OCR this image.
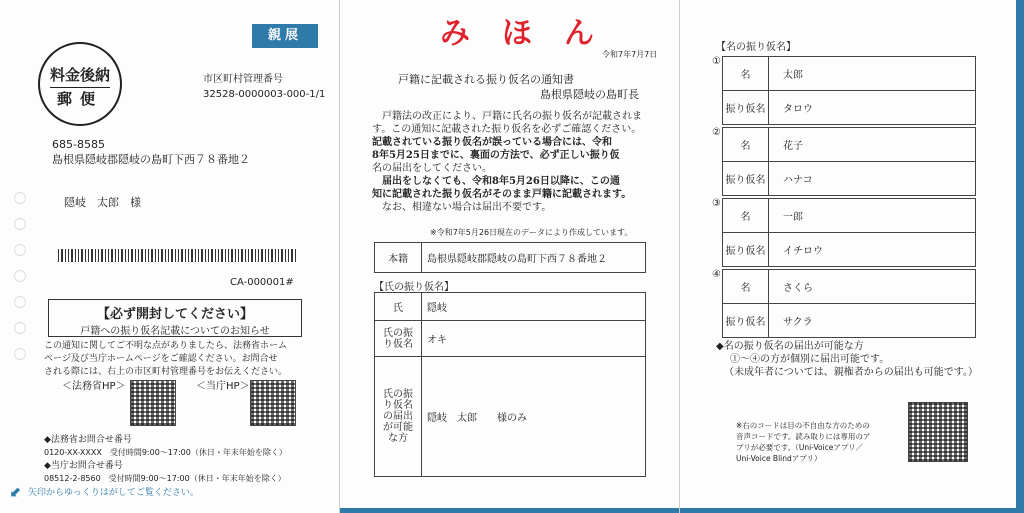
親展
料金後納
郵便
市区町村管理番号
32528-0000003-000-1/1
685-8585
島根県隠岐郡隠岐の島町下西７８番地２
隠岐　太郎　様
CA-000001#
【必ず開封してください】
戸籍への振り仮名記載についてのお知らせ
この通知に関してご不明な点がありましたら、法務省ホーム
ページ及び当庁ホームページをご確認ください。お問合せ
される際には、右上の市区町村管理番号をお伝えください。
＜法務省HP＞	＜当庁HP＞
◆法務省お問合せ番号
0120-XX-XXXX　受付時間9:00～17:00（休日・年末年始を除く）
◆当庁お問合せ番号
08512-2-8560　受付時間9:00～17:00（休日・年末年始を除く）
⬋ 矢印からゆっくりはがしてご覧ください。
みほん
令和7年7月7日
戸籍に記載される振り仮名の通知書
島根県隠岐の島町長
　戸籍法の改正により、戸籍に氏名の振り仮名が記載されま
す。この通知に記載された振り仮名を必ずご確認ください。
記載されている振り仮名が誤っている場合には、令和
8年5月25日までに、裏面の方法で、必ず正しい振り仮
名の届出をしてください。
　届出をしなくても、令和8年5月26日以降に、この通
知に記載された振り仮名がそのまま戸籍に記載されます。
　なお、相違ない場合は届出不要です。
※令和7年5月26日現在のデータにより作成しています。
本籍	島根県隠岐郡隠岐の島町下西７８番地２
【氏の振り仮名】
氏	隠岐
氏の振り仮名	オキ
氏の振り仮名の届出が可能な方	隠岐　太郎　　様のみ
【名の振り仮名】
①
名	太郎
振り仮名	タロウ
②
名	花子
振り仮名	ハナコ
③
名	一郎
振り仮名	イチロウ
④
名	さくら
振り仮名	サクラ
◆名の振り仮名の届出が可能な方
①～④の方が個別に届出可能です。
（未成年者については、親権者からの届出も可能です。）
※右のコードは目の不自由な方のための
音声コードです。読み取りには専用のア
プリが必要です。（Uni-Voiceアプリ／
Uni-Voice Blindアプリ）
